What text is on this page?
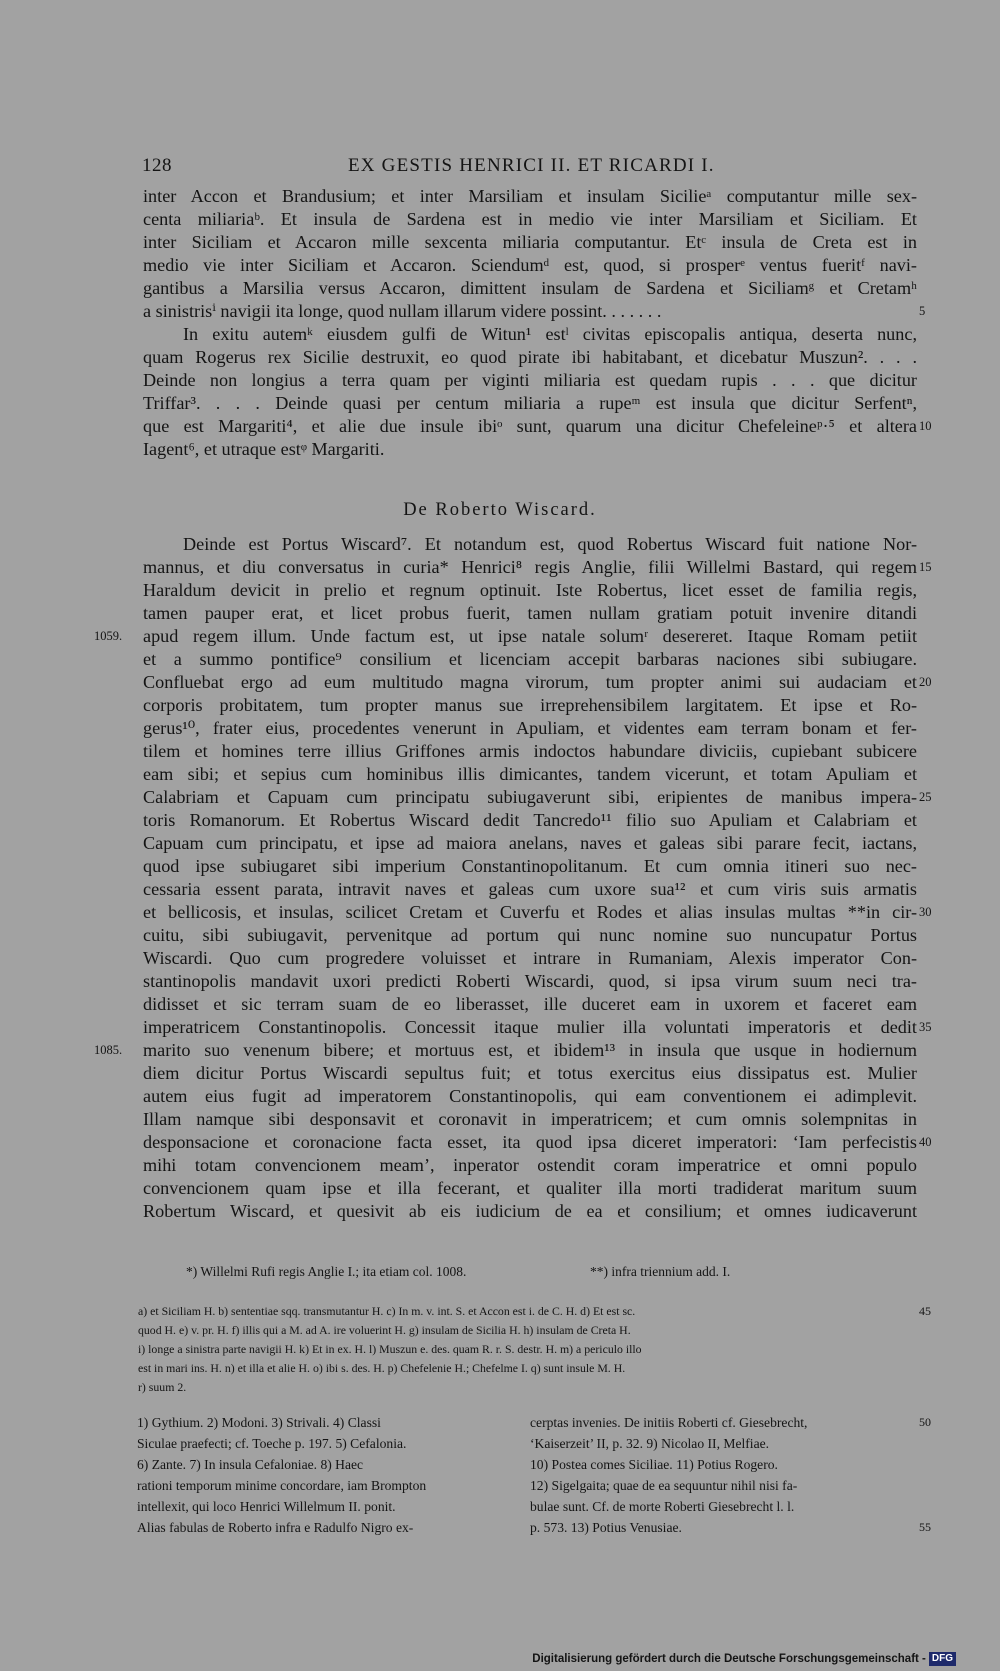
128	EX GESTIS HENRICI II. ET RICARDI I.
inter Accon et Brandusium; et inter Marsiliam et insulam Sicilieᵃ computantur mille sex-
centa miliariaᵇ. Et insula de Sardena est in medio vie inter Marsiliam et Siciliam. Et
inter Siciliam et Accaron mille sexcenta miliaria computantur. Etᶜ insula de Creta est in
medio vie inter Siciliam et Accaron. Sciendumᵈ est, quod, si prosperᵉ ventus fueritᶠ navi-
gantibus a Marsilia versus Accaron, dimittent insulam de Sardena et Siciliamᵍ et Cretamʰ
a sinistrisⁱ navigii ita longe, quod nullam illarum videre possint. . . . . . .
In exitu autemᵏ eiusdem gulfi de Witun¹ estˡ civitas episcopalis antiqua, deserta nunc,
quam Rogerus rex Sicilie destruxit, eo quod pirate ibi habitabant, et dicebatur Muszun². . . .
Deinde non longius a terra quam per viginti miliaria est quedam rupis . . . que dicitur
Triffar³. . . . Deinde quasi per centum miliaria a rupeᵐ est insula que dicitur Serfentⁿ,
que est Margariti⁴, et alie due insule ibiᵒ sunt, quarum una dicitur Chefeleineᵖ·⁵ et altera
Iagent⁶, et utraque estᵠ Margariti.
5
10
De Roberto Wiscard.
Deinde est Portus Wiscard⁷. Et notandum est, quod Robertus Wiscard fuit natione Nor-
mannus, et diu conversatus in curia* Henrici⁸ regis Anglie, filii Willelmi Bastard, qui regem
Haraldum devicit in prelio et regnum optinuit. Iste Robertus, licet esset de familia regis,
tamen pauper erat, et licet probus fuerit, tamen nullam gratiam potuit invenire ditandi
apud regem illum. Unde factum est, ut ipse natale solumʳ desereret. Itaque Romam petiit
et a summo pontifice⁹ consilium et licenciam accepit barbaras naciones sibi subiugare.
Confluebat ergo ad eum multitudo magna virorum, tum propter animi sui audaciam et
corporis probitatem, tum propter manus sue irreprehensibilem largitatem. Et ipse et Ro-
gerus¹⁰, frater eius, procedentes venerunt in Apuliam, et videntes eam terram bonam et fer-
tilem et homines terre illius Griffones armis indoctos habundare diviciis, cupiebant subicere
eam sibi; et sepius cum hominibus illis dimicantes, tandem vicerunt, et totam Apuliam et
Calabriam et Capuam cum principatu subiugaverunt sibi, eripientes de manibus impera-
toris Romanorum. Et Robertus Wiscard dedit Tancredo¹¹ filio suo Apuliam et Calabriam et
Capuam cum principatu, et ipse ad maiora anelans, naves et galeas sibi parare fecit, iactans,
quod ipse subiugaret sibi imperium Constantinopolitanum. Et cum omnia itineri suo nec-
cessaria essent parata, intravit naves et galeas cum uxore sua¹² et cum viris suis armatis
et bellicosis, et insulas, scilicet Cretam et Cuverfu et Rodes et alias insulas multas **in cir-
cuitu, sibi subiugavit, pervenitque ad portum qui nunc nomine suo nuncupatur Portus
Wiscardi. Quo cum progredere voluisset et intrare in Rumaniam, Alexis imperator Con-
stantinopolis mandavit uxori predicti Roberti Wiscardi, quod, si ipsa virum suum neci tra-
didisset et sic terram suam de eo liberasset, ille duceret eam in uxorem et faceret eam
imperatricem Constantinopolis. Concessit itaque mulier illa voluntati imperatoris et dedit
marito suo venenum bibere; et mortuus est, et ibidem¹³ in insula que usque in hodiernum
diem dicitur Portus Wiscardi sepultus fuit; et totus exercitus eius dissipatus est. Mulier
autem eius fugit ad imperatorem Constantinopolis, qui eam conventionem ei adimplevit.
Illam namque sibi desponsavit et coronavit in imperatricem; et cum omnis solempnitas in
desponsacione et coronacione facta esset, ita quod ipsa diceret imperatori: ‘Iam perfecistis
mihi totam convencionem meam’, inperator ostendit coram imperatrice et omni populo
convencionem quam ipse et illa fecerant, et qualiter illa morti tradiderat maritum suum
Robertum Wiscard, et quesivit ab eis iudicium de ea et consilium; et omnes iudicaverunt
15
20
25
30
35
40
1059.
1085.
*) Willelmi Rufi regis Anglie I.; ita etiam col. 1008.	**) infra triennium add. I.
a) et Siciliam H. b) sententiae sqq. transmutantur H. c) In m. v. int. S. et Accon est i. de C. H. d) Et est sc.
quod H. e) v. pr. H. f) illis qui a M. ad A. ire voluerint H. g) insulam de Sicilia H. h) insulam de Creta H.
i) longe a sinistra parte navigii H. k) Et in ex. H. l) Muszun e. des. quam R. r. S. destr. H. m) a periculo illo
est in mari ins. H. n) et illa et alie H. o) ibi s. des. H. p) Chefelenie H.; Chefelme I. q) sunt insule M. H.
r) suum 2.
45
1) Gythium. 2) Modoni. 3) Strivali. 4) Classi
Siculae praefecti; cf. Toeche p. 197. 5) Cefalonia.
6) Zante. 7) In insula Cefaloniae. 8) Haec
rationi temporum minime concordare, iam Brompton
intellexit, qui loco Henrici Willelmum II. ponit.
Alias fabulas de Roberto infra e Radulfo Nigro ex-
cerptas invenies. De initiis Roberti cf. Giesebrecht,
‘Kaiserzeit’ II, p. 32. 9) Nicolao II, Melfiae.
10) Postea comes Siciliae. 11) Potius Rogero.
12) Sigelgaita; quae de ea sequuntur nihil nisi fa-
bulae sunt. Cf. de morte Roberti Giesebrecht l. l.
p. 573. 13) Potius Venusiae.
50
55
Digitalisierung gefördert durch die Deutsche Forschungsgemeinschaft - DFG
